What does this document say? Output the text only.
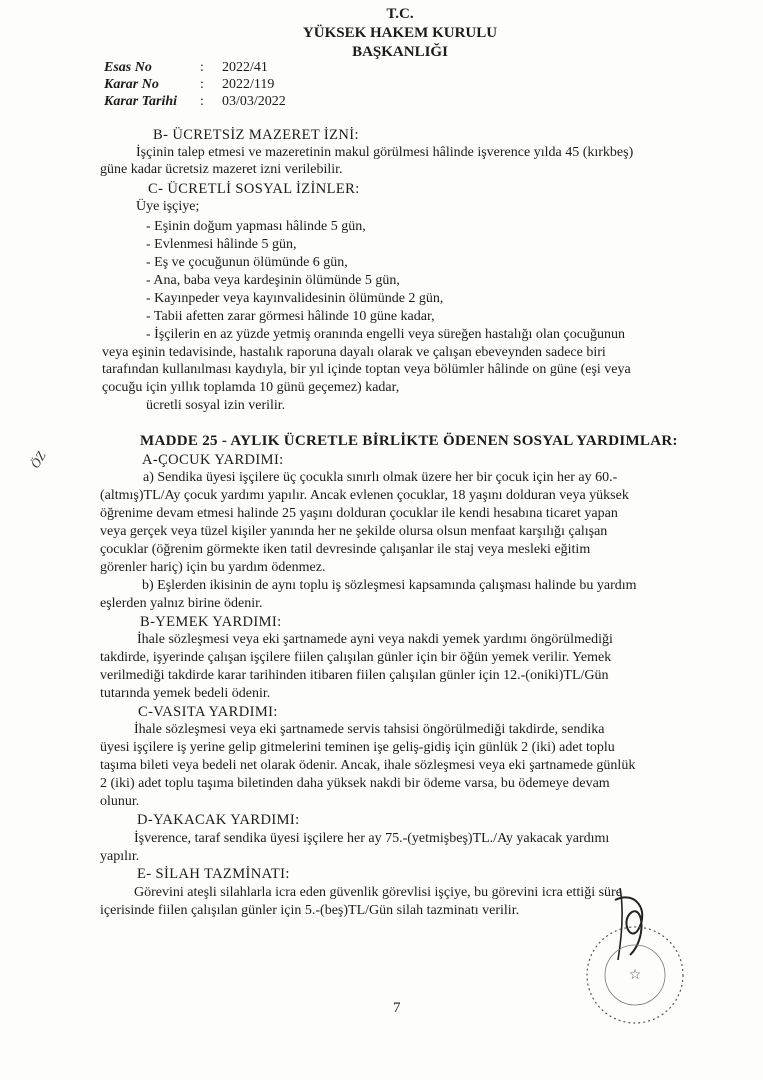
T.C.
YÜKSEK HAKEM KURULU
BAŞKANLIĞI
Esas No	: 2022/41
Karar No	: 2022/119
Karar Tarihi : 03/03/2022
B- ÜCRETSİZ MAZERET İZNİ:
İşçinin talep etmesi ve mazeretinin makul görülmesi hâlinde işverence yılda 45 (kırkbeş)
güne kadar ücretsiz mazeret izni verilebilir.
C- ÜCRETLİ SOSYAL İZİNLER:
Üye işçiye;
- Eşinin doğum yapması hâlinde 5 gün,
- Evlenmesi hâlinde 5 gün,
- Eş ve çocuğunun ölümünde 6 gün,
- Ana, baba veya kardeşinin ölümünde 5 gün,
- Kayınpeder veya kayınvalidesinin ölümünde 2 gün,
- Tabii afetten zarar görmesi hâlinde 10 güne kadar,
- İşçilerin en az yüzde yetmiş oranında engelli veya süreğen hastalığı olan çocuğunun
veya eşinin tedavisinde, hastalık raporuna dayalı olarak ve çalışan ebeveynden sadece biri
tarafından kullanılması kaydıyla, bir yıl içinde toptan veya bölümler hâlinde on güne (eşi veya
çocuğu için yıllık toplamda 10 günü geçemez) kadar,
ücretli sosyal izin verilir.
ÖZ
MADDE 25 - AYLIK ÜCRETLE BİRLİKTE ÖDENEN SOSYAL YARDIMLAR:
A-ÇOCUK YARDIMI:
a) Sendika üyesi işçilere üç çocukla sınırlı olmak üzere her bir çocuk için her ay 60.-
(altmış)TL/Ay çocuk yardımı yapılır. Ancak evlenen çocuklar, 18 yaşını dolduran veya yüksek
öğrenime devam etmesi halinde 25 yaşını dolduran çocuklar ile kendi hesabına ticaret yapan
veya gerçek veya tüzel kişiler yanında her ne şekilde olursa olsun menfaat karşılığı çalışan
çocuklar (öğrenim görmekte iken tatil devresinde çalışanlar ile staj veya mesleki eğitim
görenler hariç) için bu yardım ödenmez.
b) Eşlerden ikisinin de aynı toplu iş sözleşmesi kapsamında çalışması halinde bu yardım
eşlerden yalnız birine ödenir.
B-YEMEK YARDIMI:
İhale sözleşmesi veya eki şartnamede ayni veya nakdi yemek yardımı öngörülmediği
takdirde, işyerinde çalışan işçilere fiilen çalışılan günler için bir öğün yemek verilir. Yemek
verilmediği takdirde karar tarihinden itibaren fiilen çalışılan günler için 12.-(oniki)TL/Gün
tutarında yemek bedeli ödenir.
C-VASITA YARDIMI:
İhale sözleşmesi veya eki şartnamede servis tahsisi öngörülmediği takdirde, sendika
üyesi işçilere iş yerine gelip gitmelerini teminen işe geliş-gidiş için günlük 2 (iki) adet toplu
taşıma bileti veya bedeli net olarak ödenir. Ancak, ihale sözleşmesi veya eki şartnamede günlük
2 (iki) adet toplu taşıma biletinden daha yüksek nakdi bir ödeme varsa, bu ödemeye devam
olunur.
D-YAKACAK YARDIMI:
İşverence, taraf sendika üyesi işçilere her ay 75.-(yetmişbeş)TL./Ay yakacak yardımı
yapılır.
E- SİLAH TAZMİNATI:
Görevini ateşli silahlarla icra eden güvenlik görevlisi işçiye, bu görevini icra ettiği süre
içerisinde fiilen çalışılan günler için 5.-(beş)TL/Gün silah tazminatı verilir.
☆
7
